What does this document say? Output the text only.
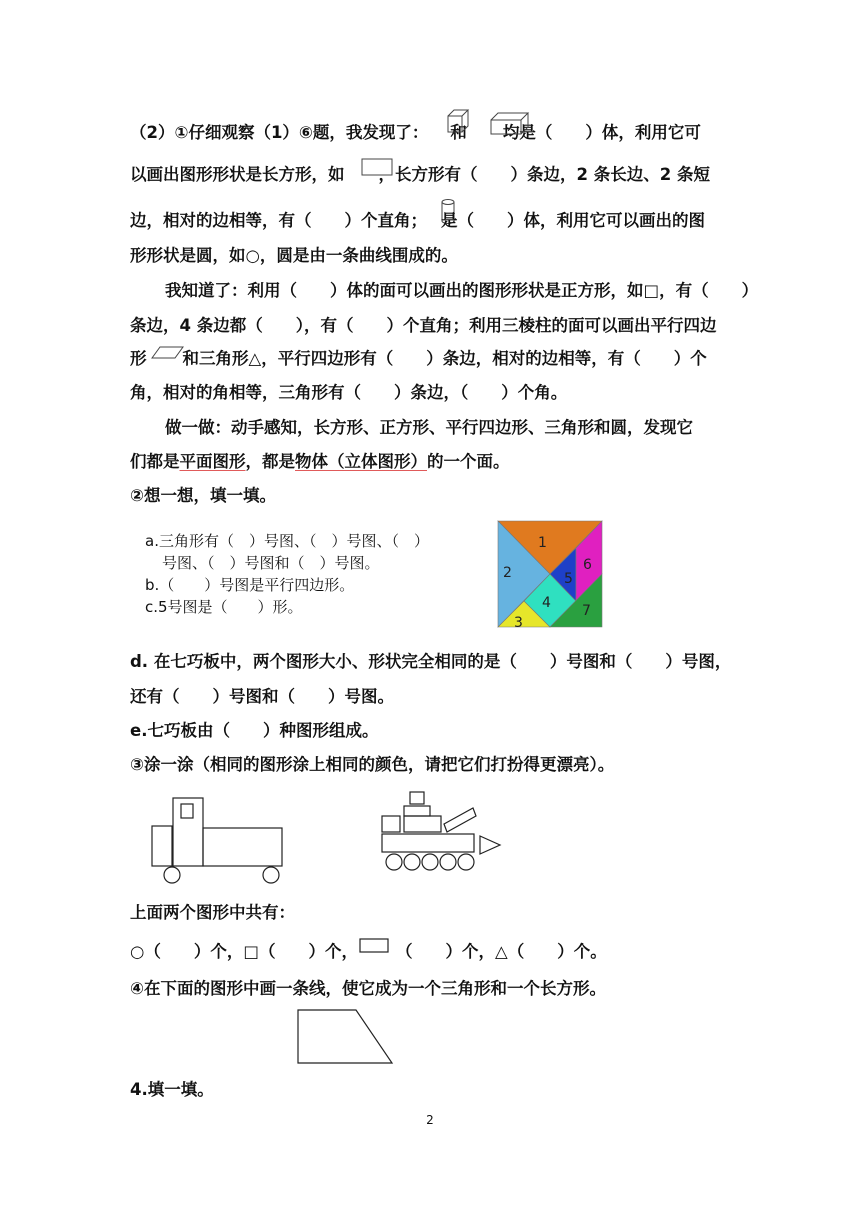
（2）①仔细观察（1）⑥题，我发现了： 和 均是（　　）体，利用它可
以画出图形形状是长方形，如 ，长方形有（　　）条边，2 条长边、2 条短
边，相对的边相等，有（　　）个直角； 是（　　）体，利用它可以画出的图
形形状是圆，如○，圆是由一条曲线围成的。
我知道了：利用（　　）体的面可以画出的图形形状是正方形，如□，有（　　）
条边，4 条边都（　　），有（　　）个直角；利用三棱柱的面可以画出平行四边
形 和三角形△，平行四边形有（　　）条边，相对的边相等，有（　　）个
角，相对的角相等，三角形有（　　）条边，（　　）个角。
做一做：动手感知，长方形、正方形、平行四边形、三角形和圆，发现它
们都是平面图形，都是物体（立体图形）的一个面。
②想一想，填一填。
a.三角形有（　）号图、（　）号图、（　）
号图、（　）号图和（　）号图。
b.（　　）号图是平行四边形。
c.5号图是（　　）形。
1
2
3
4
5
6
7
d. 在七巧板中，两个图形大小、形状完全相同的是（　　）号图和（　　）号图，
还有（　　）号图和（　　）号图。
e.七巧板由（　　）种图形组成。
③涂一涂（相同的图形涂上相同的颜色，请把它们打扮得更漂亮）。
上面两个图形中共有：
○（　　）个，□（　　）个， （　　）个，△（　　）个。
④在下面的图形中画一条线，使它成为一个三角形和一个长方形。
4.填一填。
2
